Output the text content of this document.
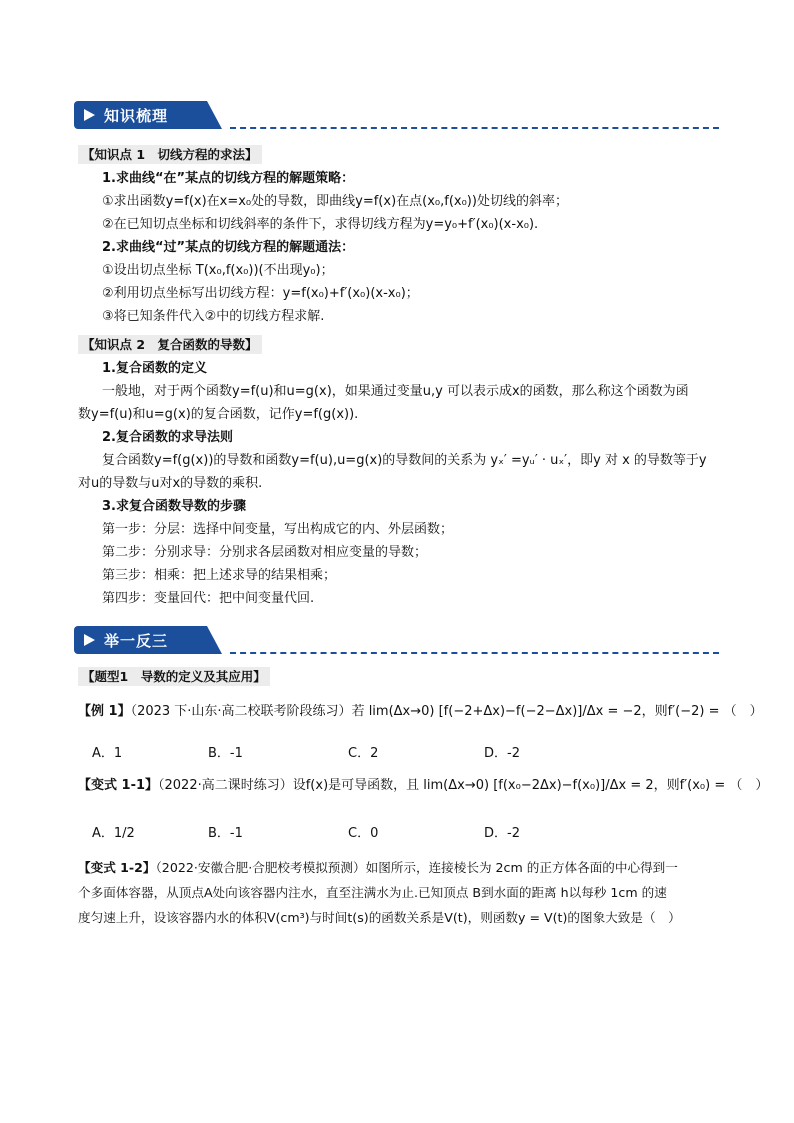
知识梳理
【知识点 1　切线方程的求法】
1.求曲线“在”某点的切线方程的解题策略：
①求出函数y=f(x)在x=x₀处的导数，即曲线y=f(x)在点(x₀,f(x₀))处切线的斜率；
②在已知切点坐标和切线斜率的条件下，求得切线方程为y=y₀+f′(x₀)(x-x₀).
2.求曲线“过”某点的切线方程的解题通法：
①设出切点坐标 T(x₀,f(x₀))(不出现y₀)；
②利用切点坐标写出切线方程：y=f(x₀)+f′(x₀)(x-x₀)；
③将已知条件代入②中的切线方程求解.
【知识点 2　复合函数的导数】
1.复合函数的定义
一般地，对于两个函数y=f(u)和u=g(x)，如果通过变量u,y 可以表示成x的函数，那么称这个函数为函
数y=f(u)和u=g(x)的复合函数，记作y=f(g(x)).
2.复合函数的求导法则
复合函数y=f(g(x))的导数和函数y=f(u),u=g(x)的导数间的关系为 yₓ′ =yᵤ′ · uₓ′，即y 对 x 的导数等于y
对u的导数与u对x的导数的乘积.
3.求复合函数导数的步骤
第一步：分层：选择中间变量，写出构成它的内、外层函数；
第二步：分别求导：分别求各层函数对相应变量的导数；
第三步：相乘：把上述求导的结果相乘；
第四步：变量回代：把中间变量代回.
举一反三
【题型1　导数的定义及其应用】
【例 1】（2023 下·山东·高二校联考阶段练习）若 lim(Δx→0) [f(−2+Δx)−f(−2−Δx)]/Δx = −2，则f′(−2) = （　）
A．1	B．-1	C．2	D．-2
【变式 1-1】（2022·高二课时练习）设f(x)是可导函数，且 lim(Δx→0) [f(x₀−2Δx)−f(x₀)]/Δx = 2，则f′(x₀) = （　）
A．1/2	B．-1	C．0	D．-2
【变式 1-2】（2022·安徽合肥·合肥校考模拟预测）如图所示，连接棱长为 2cm 的正方体各面的中心得到一
个多面体容器，从顶点A处向该容器内注水，直至注满水为止.已知顶点 B到水面的距离 h以每秒 1cm 的速
度匀速上升，设该容器内水的体积V(cm³)与时间t(s)的函数关系是V(t)，则函数y = V(t)的图象大致是（　）
